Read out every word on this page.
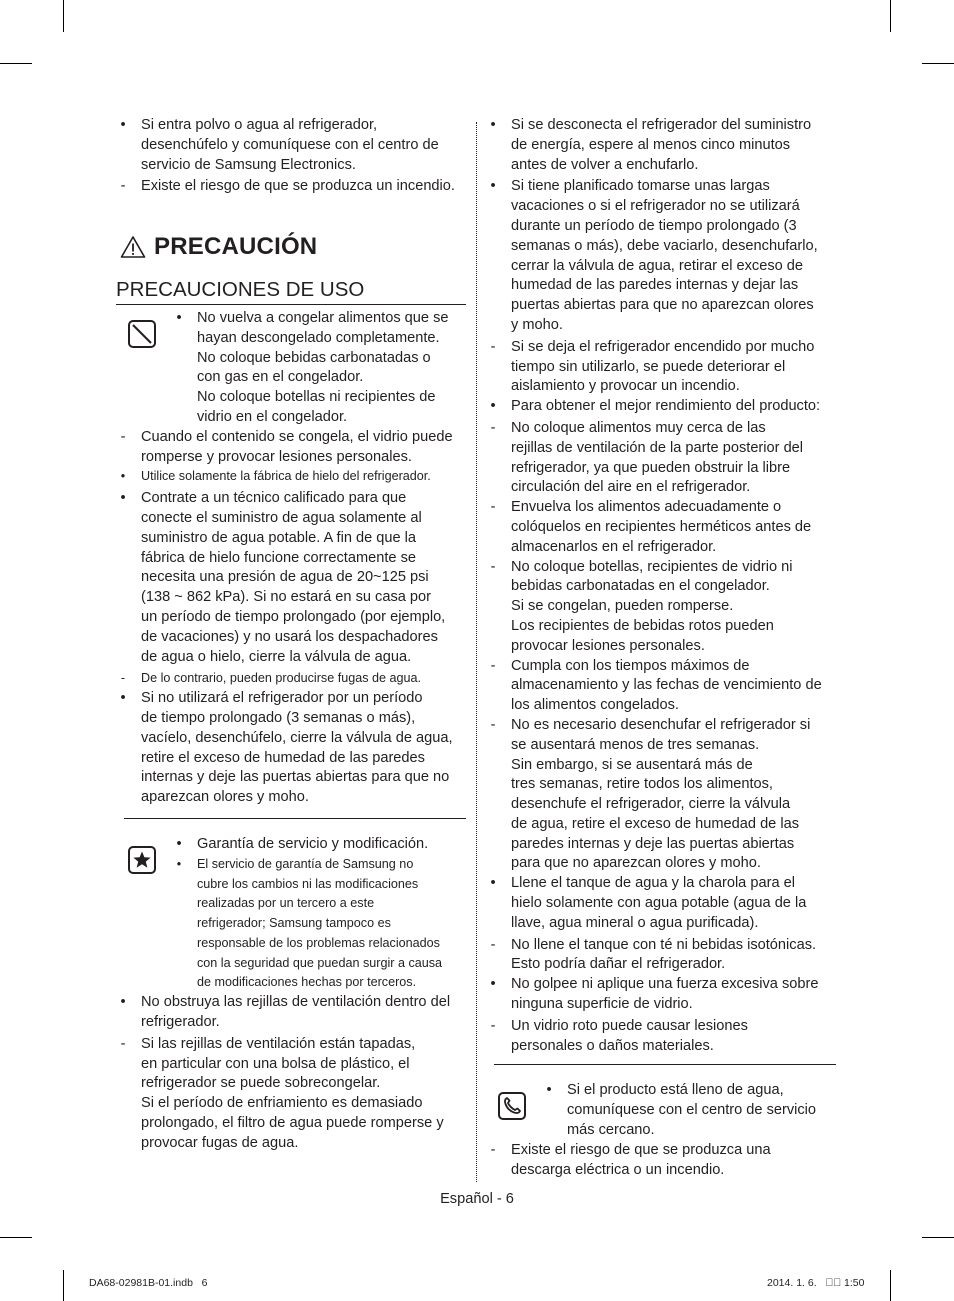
•	Si entra polvo o agua al refrigerador,
desenchúfelo y comuníquese con el centro de
servicio de Samsung Electronics.
-	Existe el riesgo de que se produzca un incendio.
PRECAUCIÓN
PRECAUCIONES DE USO
•	No vuelva a congelar alimentos que se
hayan descongelado completamente.
No coloque bebidas carbonatadas o
con gas en el congelador.
No coloque botellas ni recipientes de
vidrio en el congelador.
-	Cuando el contenido se congela, el vidrio puede
romperse y provocar lesiones personales.
•	Utilice solamente la fábrica de hielo del refrigerador.
•	Contrate a un técnico calificado para que
conecte el suministro de agua solamente al
suministro de agua potable. A fin de que la
fábrica de hielo funcione correctamente se
necesita una presión de agua de 20~125 psi
(138 ~ 862 kPa). Si no estará en su casa por
un período de tiempo prolongado (por ejemplo,
de vacaciones) y no usará los despachadores
de agua o hielo, cierre la válvula de agua.
-	De lo contrario, pueden producirse fugas de agua.
•	Si no utilizará el refrigerador por un período
de tiempo prolongado (3 semanas o más),
vacíelo, desenchúfelo, cierre la válvula de agua,
retire el exceso de humedad de las paredes
internas y deje las puertas abiertas para que no
aparezcan olores y moho.
•	Garantía de servicio y modificación.
•	El servicio de garantía de Samsung no
cubre los cambios ni las modificaciones
realizadas por un tercero a este
refrigerador; Samsung tampoco es
responsable de los problemas relacionados
con la seguridad que puedan surgir a causa
de modificaciones hechas por terceros.
•	No obstruya las rejillas de ventilación dentro del
refrigerador.
-	Si las rejillas de ventilación están tapadas,
en particular con una bolsa de plástico, el
refrigerador se puede sobrecongelar.
Si el período de enfriamiento es demasiado
prolongado, el filtro de agua puede romperse y
provocar fugas de agua.
•	Si se desconecta el refrigerador del suministro
de energía, espere al menos cinco minutos
antes de volver a enchufarlo.
•	Si tiene planificado tomarse unas largas
vacaciones o si el refrigerador no se utilizará
durante un período de tiempo prolongado (3
semanas o más), debe vaciarlo, desenchufarlo,
cerrar la válvula de agua, retirar el exceso de
humedad de las paredes internas y dejar las
puertas abiertas para que no aparezcan olores
y moho.
-	Si se deja el refrigerador encendido por mucho
tiempo sin utilizarlo, se puede deteriorar el
aislamiento y provocar un incendio.
•	Para obtener el mejor rendimiento del producto:
-	No coloque alimentos muy cerca de las
rejillas de ventilación de la parte posterior del
refrigerador, ya que pueden obstruir la libre
circulación del aire en el refrigerador.
-	Envuelva los alimentos adecuadamente o
colóquelos en recipientes herméticos antes de
almacenarlos en el refrigerador.
-	No coloque botellas, recipientes de vidrio ni
bebidas carbonatadas en el congelador.
Si se congelan, pueden romperse.
Los recipientes de bebidas rotos pueden
provocar lesiones personales.
-	Cumpla con los tiempos máximos de
almacenamiento y las fechas de vencimiento de
los alimentos congelados.
-	No es necesario desenchufar el refrigerador si
se ausentará menos de tres semanas.
Sin embargo, si se ausentará más de
tres semanas, retire todos los alimentos,
desenchufe el refrigerador, cierre la válvula
de agua, retire el exceso de humedad de las
paredes internas y deje las puertas abiertas
para que no aparezcan olores y moho.
•	Llene el tanque de agua y la charola para el
hielo solamente con agua potable (agua de la
llave, agua mineral o agua purificada).
-	No llene el tanque con té ni bebidas isotónicas.
Esto podría dañar el refrigerador.
•	No golpee ni aplique una fuerza excesiva sobre
ninguna superficie de vidrio.
-	Un vidrio roto puede causar lesiones
personales o daños materiales.
•	Si el producto está lleno de agua,
comuníquese con el centro de servicio
más cercano.
-	Existe el riesgo de que se produzca una
descarga eléctrica o un incendio.
Español - 6
DA68-02981B-01.indb   6	2014. 1. 6.   ￿￿ 1:50
